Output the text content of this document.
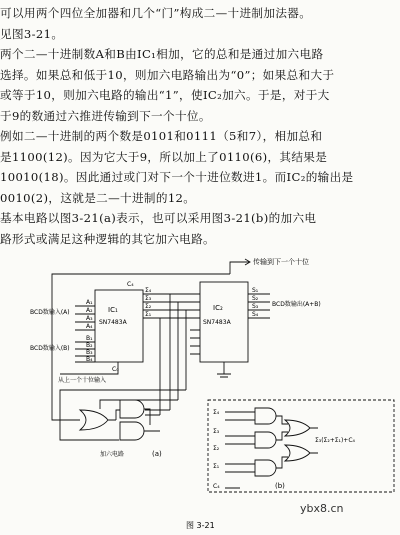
可以用两个四位全加器和几个“门”构成二—十进制加法器。
见图3-21。
两个二—十进制数A和B由IC₁相加，它的总和是通过加六电路
选择。如果总和低于10，则加六电路输出为“0”；如果总和大于
或等于10，则加六电路的输出“1”，使IC₂加六。于是，对于大
于9的数通过六推进传输到下一个十位。
例如二—十进制的两个数是0101和0111（5和7），相加总和
是1100(12)。因为它大于9，所以加上了0110(6)，其结果是
10010(18)。因此通过或门对下一个十进位数进1。而IC₂的输出是
0010(2)，这就是二—十进制的12。
基本电路以图3-21(a)表示，也可以采用图3-21(b)的加六电
路形式或满足这种逻辑的其它加六电路。
IC₁
SN7483A
C₄
C₀
A₁
A₂
A₃
A₄
B₁
B₂
B₃
B₄
Σ₄
Σ₃
Σ₂
Σ₁
IC₂
SN7483A
S₁
S₂
S₃
S₄
传输到下一个十位
BCD数输入(A)
BCD数输入(B)
BCD数输出(A+B)
从上一个十位输入
加六电路	(a)
Σ₄
Σ₃
Σ₂
Σ₁
C₄
Σ₃(Σ₂+Σ₁)+C₄
(b)
ybx8.cn
图 3-21
